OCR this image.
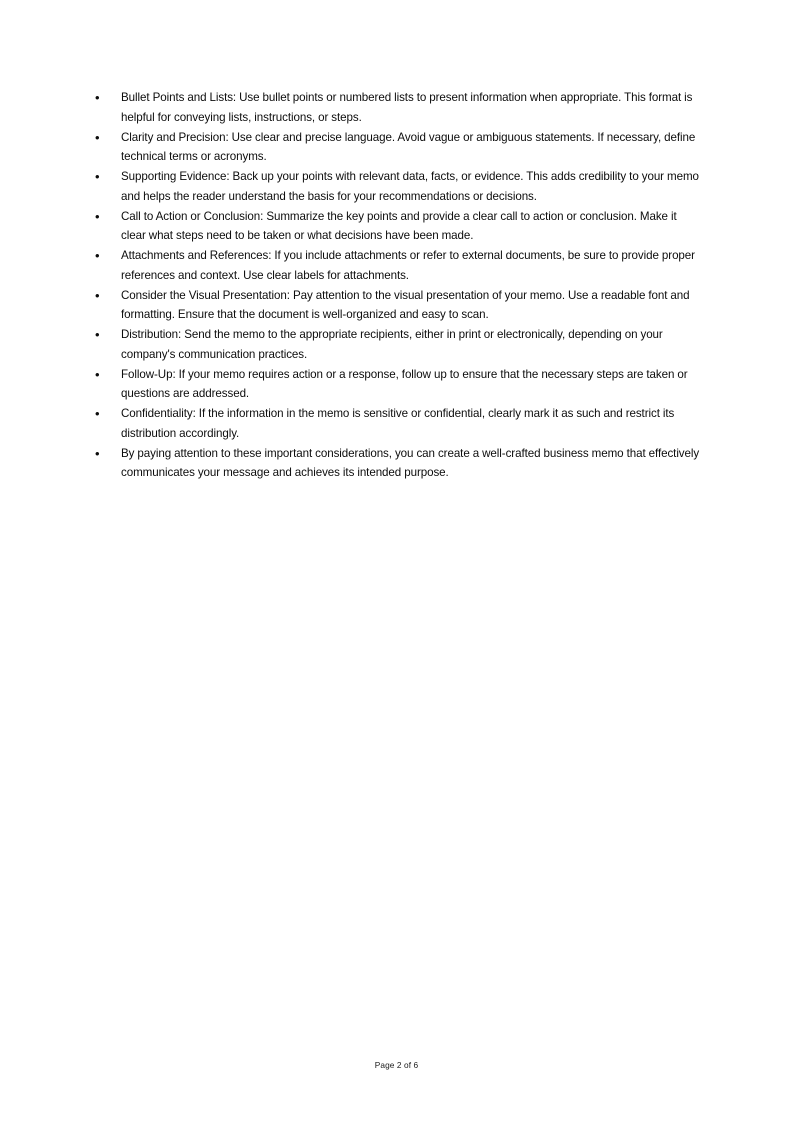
•	Bullet Points and Lists: Use bullet points or numbered lists to present information when appropriate. This format is helpful for conveying lists, instructions, or steps.
•	Clarity and Precision: Use clear and precise language. Avoid vague or ambiguous statements. If necessary, define technical terms or acronyms.
•	Supporting Evidence: Back up your points with relevant data, facts, or evidence. This adds credibility to your memo and helps the reader understand the basis for your recommendations or decisions.
•	Call to Action or Conclusion: Summarize the key points and provide a clear call to action or conclusion. Make it clear what steps need to be taken or what decisions have been made.
•	Attachments and References: If you include attachments or refer to external documents, be sure to provide proper references and context. Use clear labels for attachments.
•	Consider the Visual Presentation: Pay attention to the visual presentation of your memo. Use a readable font and formatting. Ensure that the document is well-organized and easy to scan.
•	Distribution: Send the memo to the appropriate recipients, either in print or electronically, depending on your company's communication practices.
•	Follow-Up: If your memo requires action or a response, follow up to ensure that the necessary steps are taken or questions are addressed.
•	Confidentiality: If the information in the memo is sensitive or confidential, clearly mark it as such and restrict its distribution accordingly.
•	By paying attention to these important considerations, you can create a well-crafted business memo that effectively communicates your message and achieves its intended purpose.
Page 2 of 6
